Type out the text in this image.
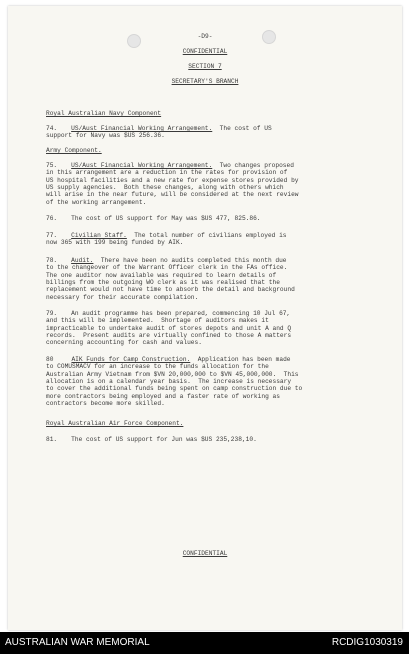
-D9-

CONFIDENTIAL

SECTION 7

SECRETARY'S BRANCH

Royal Australian Navy Component

74. US/Aust Financial Working Arrangement.  The cost of US

support for Navy was $US 256.36.

Army Component.

75. US/Aust Financial Working Arrangement.  Two changes proposed

in this arrangement are a reduction in the rates for provision of

US hospital facilities and a new rate for expense stores provided by

US supply agencies.  Both these changes, along with others which

will arise in the near future, will be considered at the next review

of the working arrangement.

76. The cost of US support for May was $US 477, 825.86.

77. Civilian Staff.  The total number of civilians employed is

now 365 with 199 being funded by AIK.

78. Audit.  There have been no audits completed this month due

to the changeover of the Warrant Officer clerk in the FAs office.

The one auditor now available was required to learn details of

billings from the outgoing WO clerk as it was realised that the

replacement would not have time to absorb the detail and background

necessary for their accurate compilation.

79. An audit programme has been prepared, commencing 10 Jul 67,

and this will be implemented.  Shortage of auditors makes it

impracticable to undertake audit of stores depots and unit A and Q

records.  Present audits are virtually confined to those A matters

concerning accounting for cash and values.

80	AIK Funds for Camp Construction.  Application has been made

to COMUSMACV for an increase to the funds allocation for the

Australian Army Vietnam from $VN 20,000,000 to $VN 45,000,000.  This

allocation is on a calendar year basis.  The increase is necessary

to cover the additional funds being spent on camp construction due to

more contractors being employed and a faster rate of working as

contractors become more skilled.

Royal Australian Air Force Component.

81. The cost of US support for Jun was $US 235,238,10.

CONFIDENTIAL

AUSTRALIAN WAR MEMORIAL	RCDIG1030319
